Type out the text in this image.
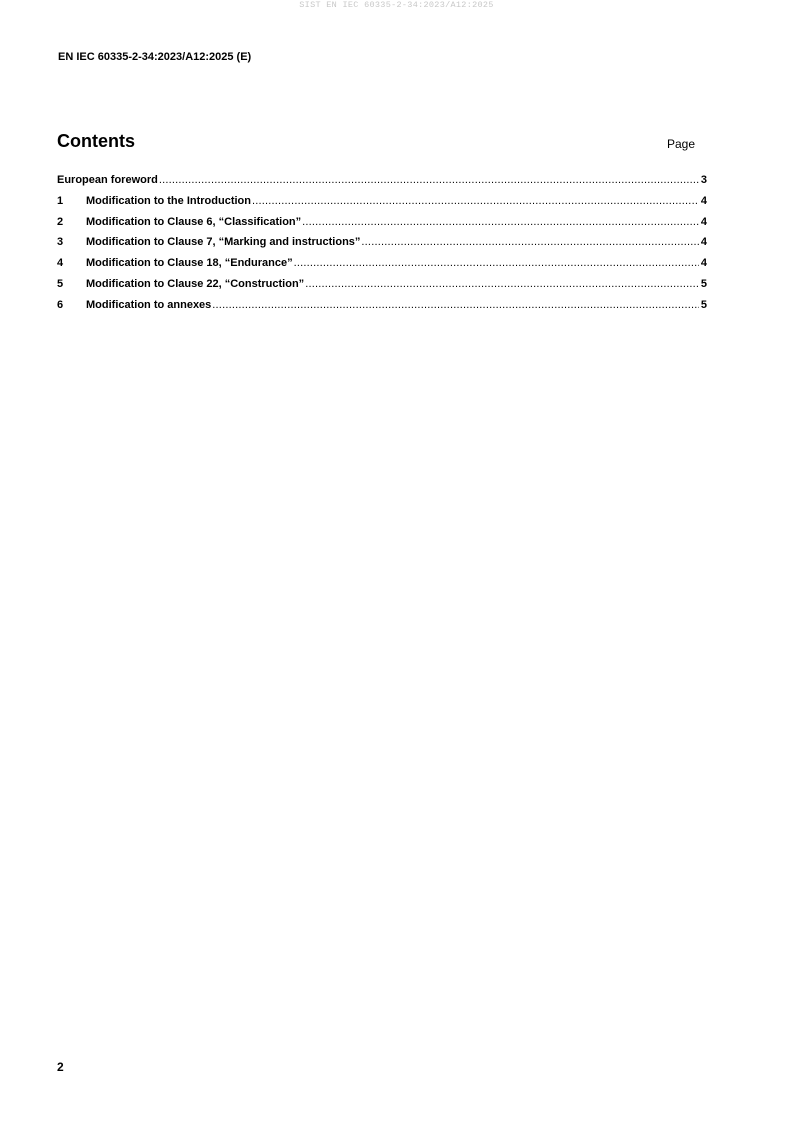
SIST EN IEC 60335-2-34:2023/A12:2025
EN IEC 60335-2-34:2023/A12:2025 (E)
Contents	Page
European foreword .....	3
1	Modification to the Introduction .....	4
2	Modification to Clause 6, “Classification” .....	4
3	Modification to Clause 7, “Marking and instructions” .....	4
4	Modification to Clause 18, “Endurance” .....	4
5	Modification to Clause 22, “Construction” .....	5
6	Modification to annexes .....	5
2
